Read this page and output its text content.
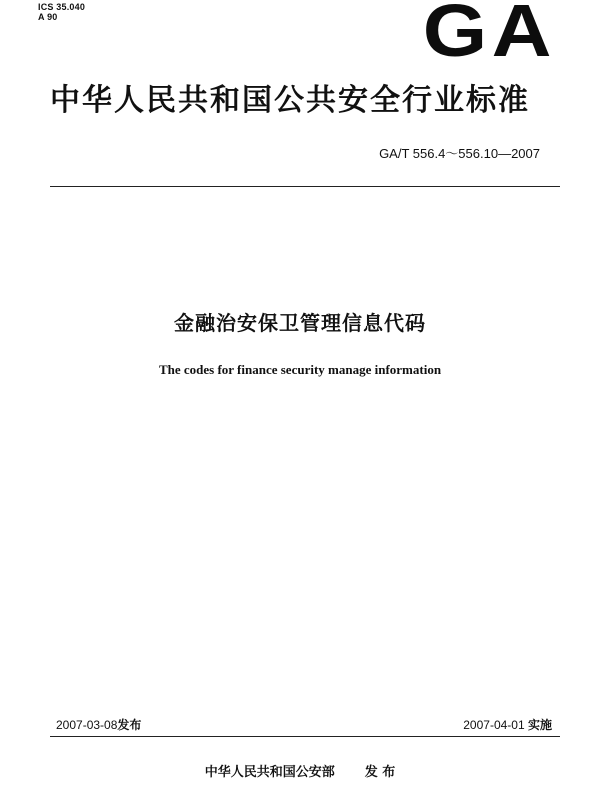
ICS 35.040
A 90	GA
中华人民共和国公共安全行业标准
GA/T 556.4～556.10—2007
金融治安保卫管理信息代码
The codes for finance security manage information
2007-03-08发布	2007-04-01 实施
中华人民共和国公安部 发 布
